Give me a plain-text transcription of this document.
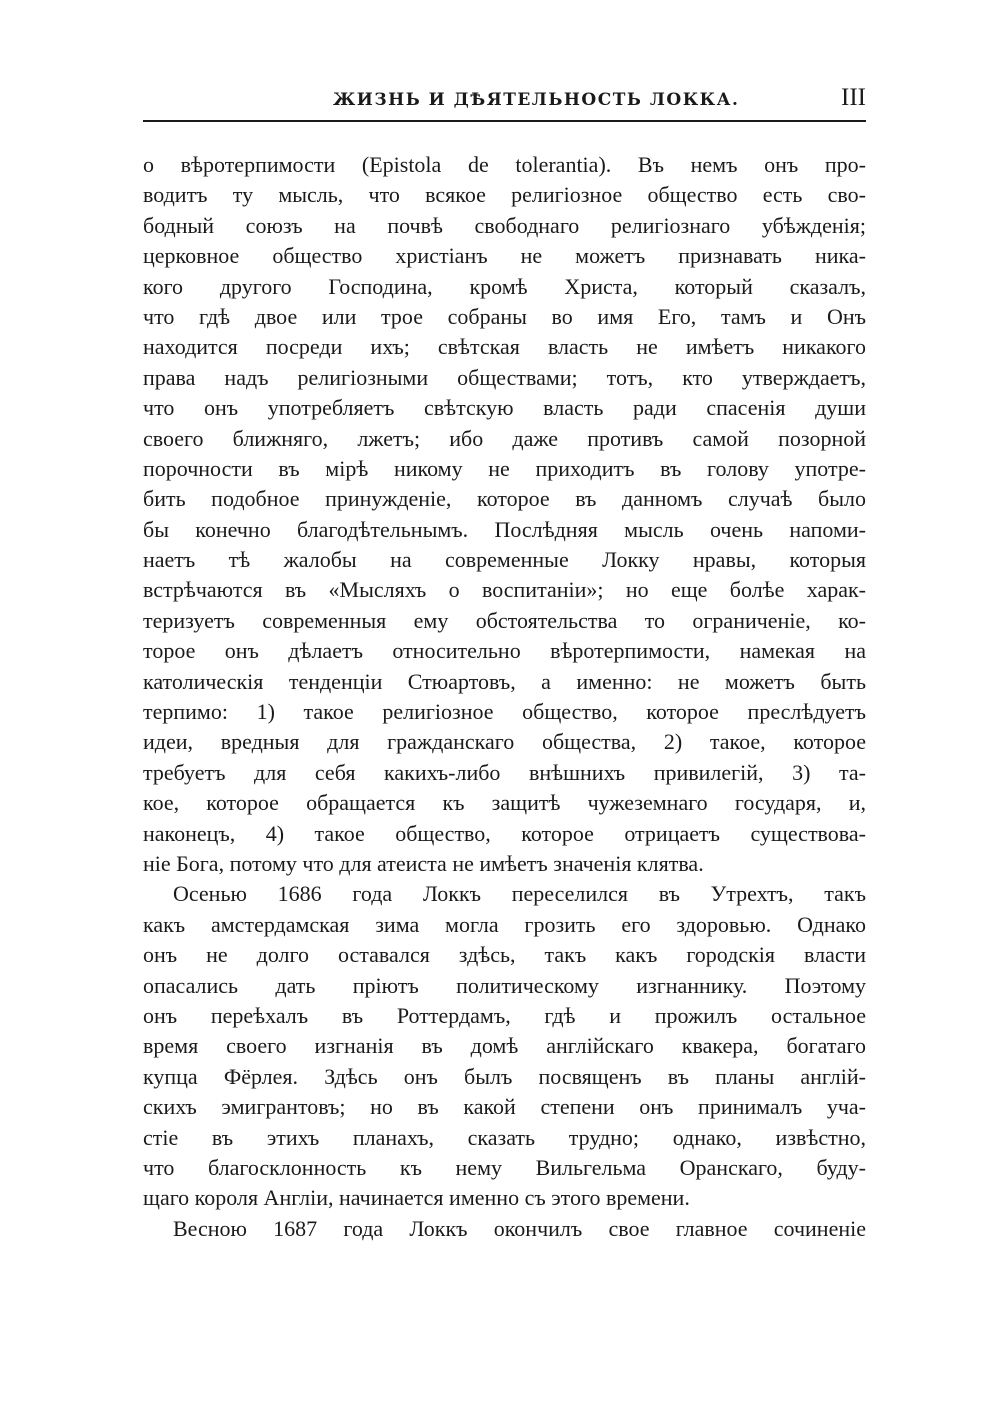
ЖИЗНЬ И ДѢЯТЕЛЬНОСТЬ ЛОККА.	III
о вѣротерпимости (Epistola de tolerantia). Въ немъ онъ про-
водитъ ту мысль, что всякое религіозное общество есть сво-
бодный союзъ на почвѣ свободнаго религіознаго убѣжденія;
церковное общество христіанъ не можетъ признавать ника-
кого другого Господина, кромѣ Христа, который сказалъ,
что гдѣ двое или трое собраны во имя Его, тамъ и Онъ
находится посреди ихъ; свѣтская власть не имѣетъ никакого
права надъ религіозными обществами; тотъ, кто утверждаетъ,
что онъ употребляетъ свѣтскую власть ради спасенія души
своего ближняго, лжетъ; ибо даже противъ самой позорной
порочности въ мірѣ никому не приходитъ въ голову употре-
бить подобное принужденіе, которое въ данномъ случаѣ было
бы конечно благодѣтельнымъ. Послѣдняя мысль очень напоми-
наетъ тѣ жалобы на современные Локку нравы, которыя
встрѣчаются въ «Мысляхъ о воспитаніи»; но еще болѣе харак-
теризуетъ современныя ему обстоятельства то ограниченіе, ко-
торое онъ дѣлаетъ относительно вѣротерпимости, намекая на
католическія тенденціи Стюартовъ, а именно: не можетъ быть
терпимо: 1) такое религіозное общество, которое преслѣдуетъ
идеи, вредныя для гражданскаго общества, 2) такое, которое
требуетъ для себя какихъ-либо внѣшнихъ привилегій, 3) та-
кое, которое обращается къ защитѣ чужеземнаго государя, и,
наконецъ, 4) такое общество, которое отрицаетъ существова-
ніе Бога, потому что для атеиста не имѣетъ значенія клятва.
Осенью 1686 года Локкъ переселился въ Утрехтъ, такъ
какъ амстердамская зима могла грозить его здоровью. Однако
онъ не долго оставался здѣсь, такъ какъ городскія власти
опасались дать пріютъ политическому изгнаннику. Поэтому
онъ переѣхалъ въ Роттердамъ, гдѣ и прожилъ остальное
время своего изгнанія въ домѣ англійскаго квакера, богатаго
купца Фёрлея. Здѣсь онъ былъ посвященъ въ планы англій-
скихъ эмигрантовъ; но въ какой степени онъ принималъ уча-
стіе въ этихъ планахъ, сказать трудно; однако, извѣстно,
что благосклонность къ нему Вильгельма Оранскаго, буду-
щаго короля Англіи, начинается именно съ этого времени.
Весною 1687 года Локкъ окончилъ свое главное сочиненіе
